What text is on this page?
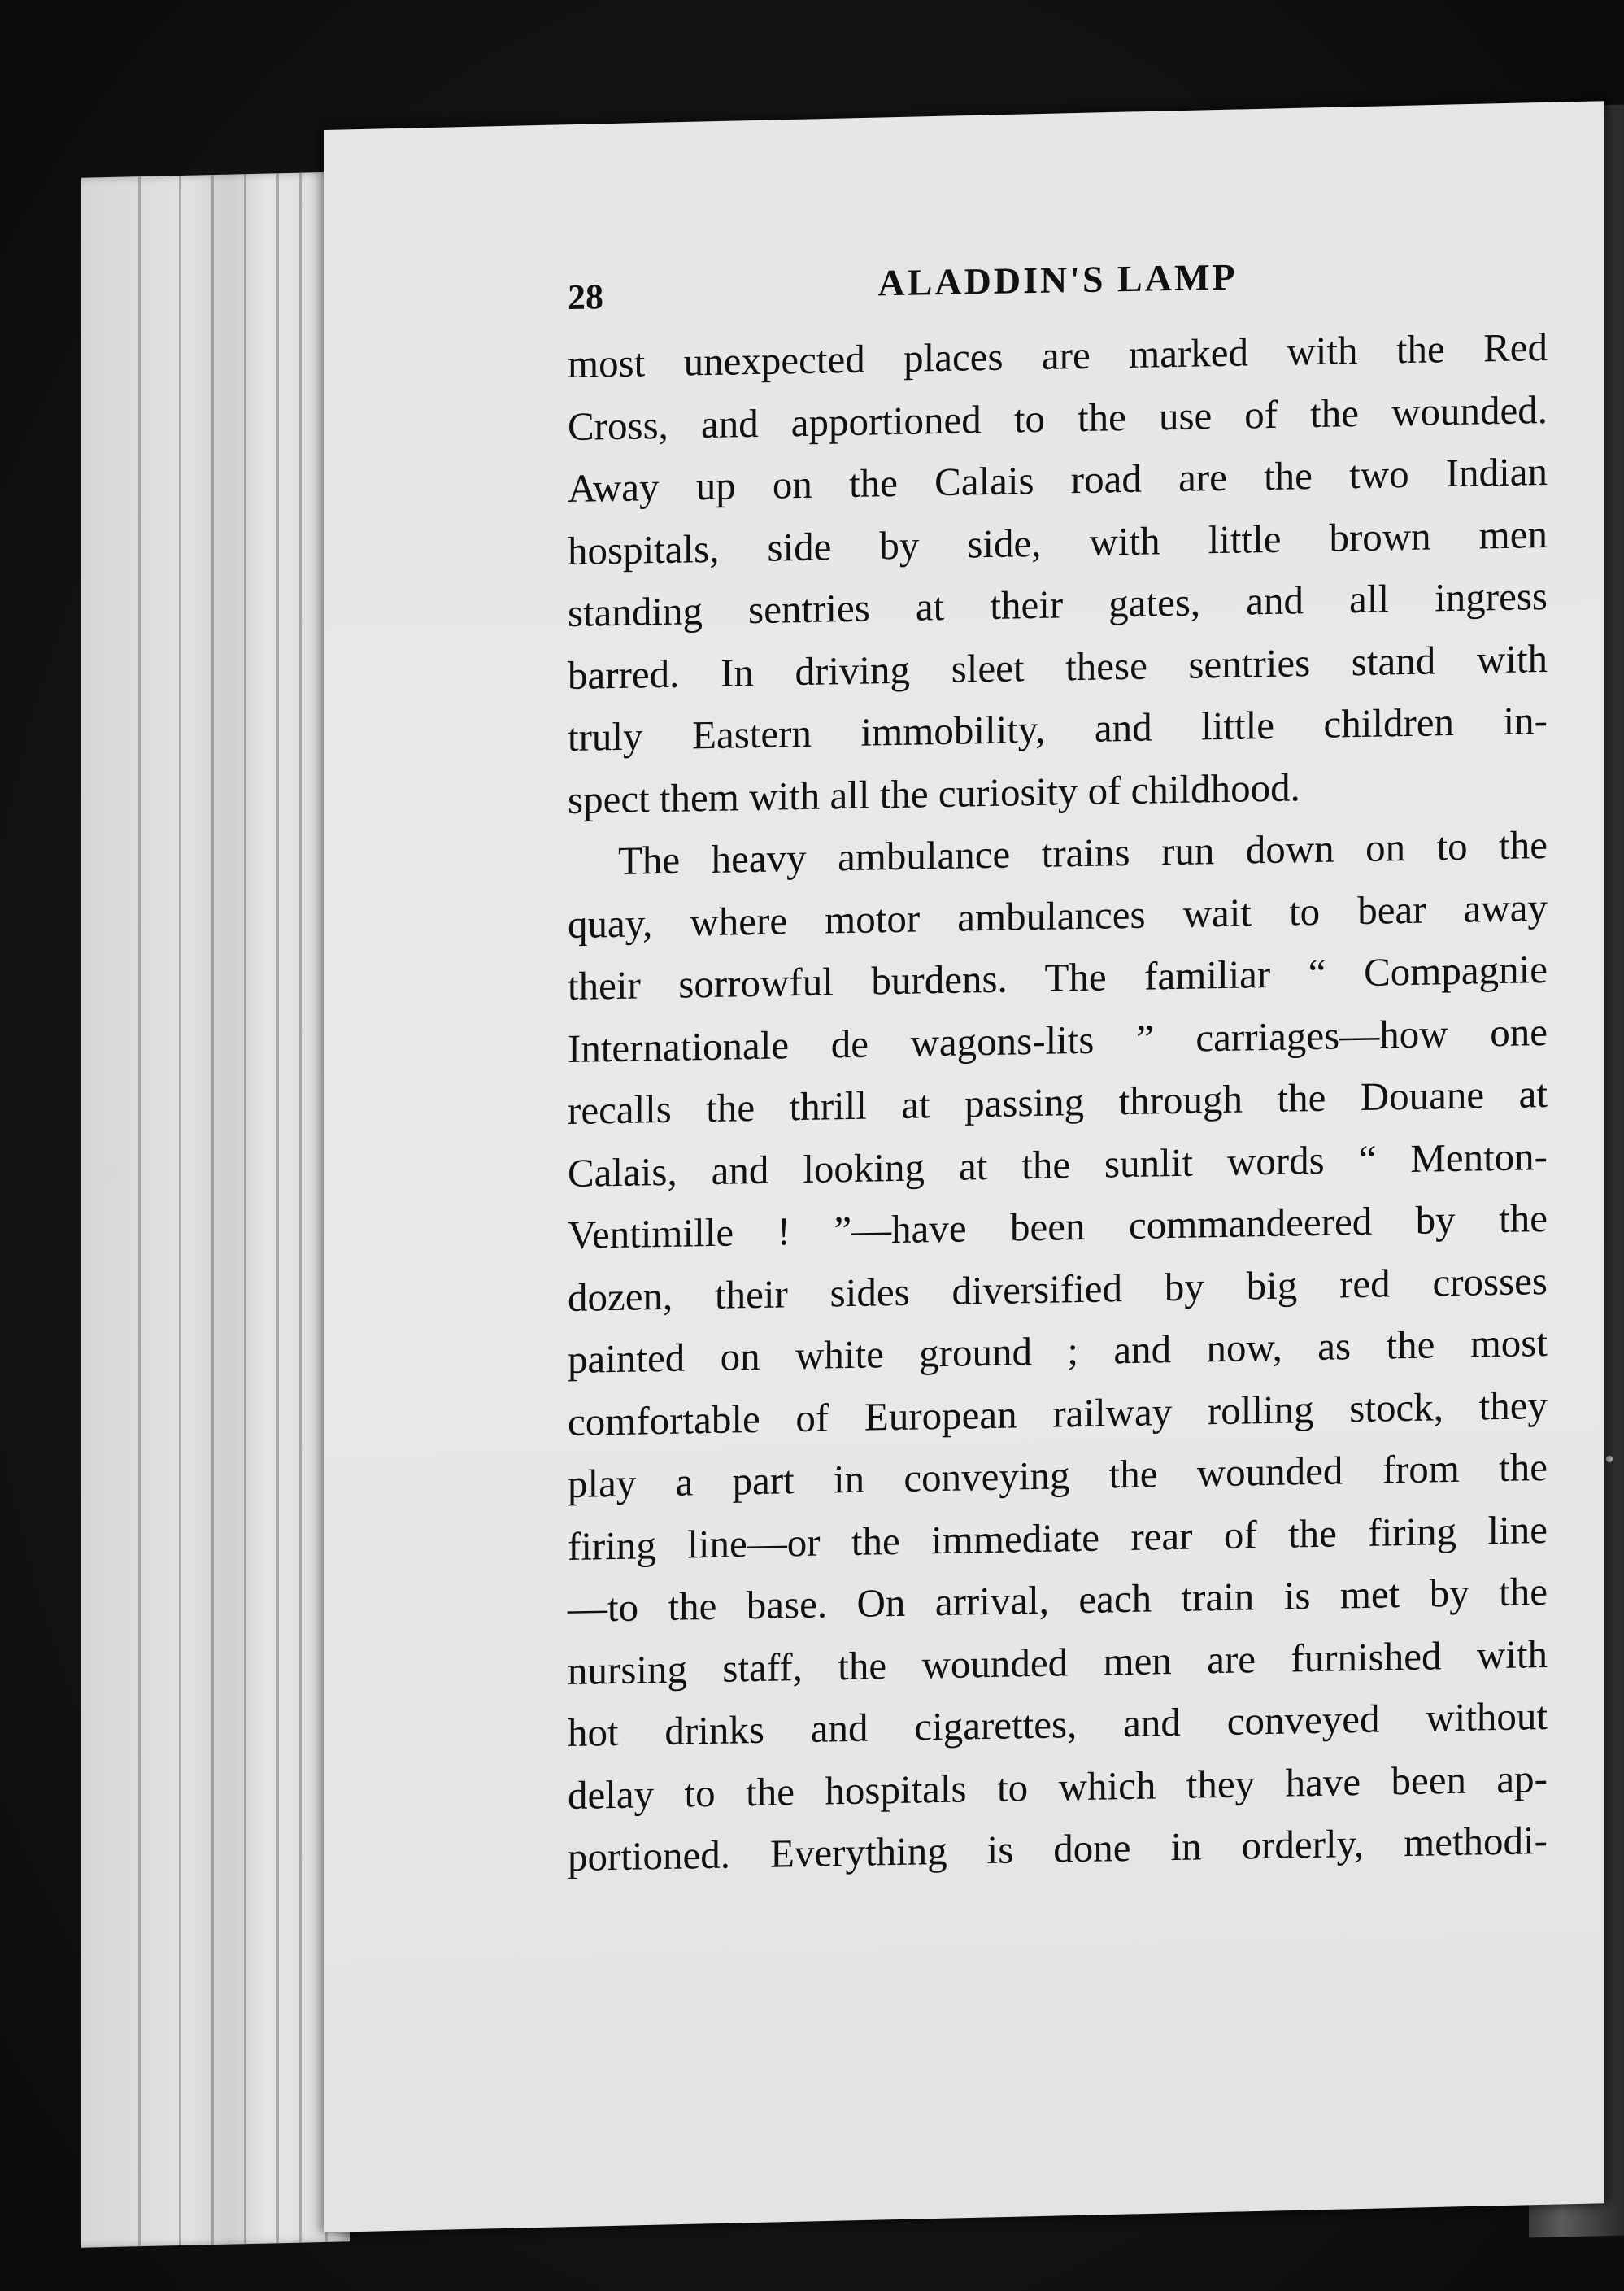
28	ALADDIN'S LAMP
most unexpected places are marked with the Red
Cross, and apportioned to the use of the wounded.
Away up on the Calais road are the two Indian
hospitals, side by side, with little brown men
standing sentries at their gates, and all ingress
barred. In driving sleet these sentries stand with
truly Eastern immobility, and little children in-
spect them with all the curiosity of childhood.
The heavy ambulance trains run down on to the
quay, where motor ambulances wait to bear away
their sorrowful burdens. The familiar “ Compagnie
Internationale de wagons-lits ” carriages—how one
recalls the thrill at passing through the Douane at
Calais, and looking at the sunlit words “ Menton-
Ventimille ! ”—have been commandeered by the
dozen, their sides diversified by big red crosses
painted on white ground ; and now, as the most
comfortable of European railway rolling stock, they
play a part in conveying the wounded from the
firing line—or the immediate rear of the firing line
—to the base. On arrival, each train is met by the
nursing staff, the wounded men are furnished with
hot drinks and cigarettes, and conveyed without
delay to the hospitals to which they have been ap-
portioned. Everything is done in orderly, methodi-
